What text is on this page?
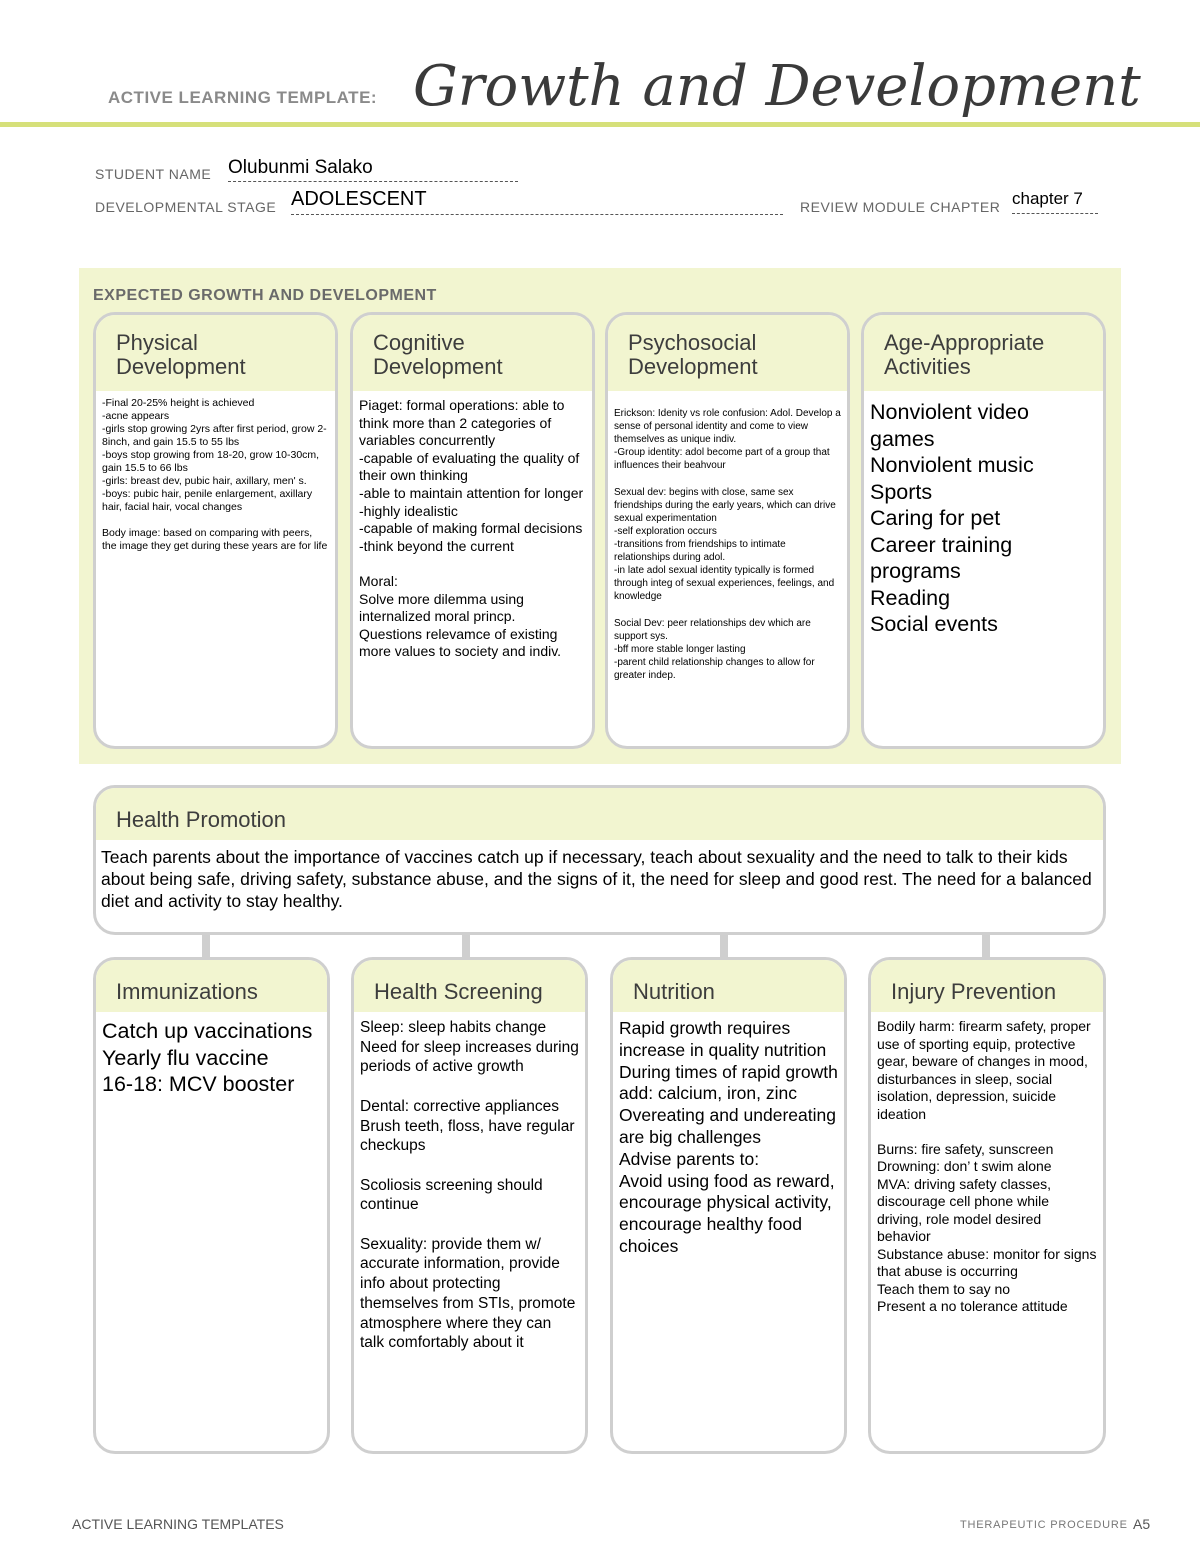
ACTIVE LEARNING TEMPLATE: Growth and Development
STUDENT NAME Olubunmi Salako
DEVELOPMENTAL STAGE ADOLESCENT	REVIEW MODULE CHAPTER chapter 7
EXPECTED GROWTH AND DEVELOPMENT
Physical
Development
-Final 20-25% height is achieved
-acne appears
-girls stop growing 2yrs after first period, grow 2-8inch, and gain 15.5 to 55 lbs
-boys stop growing from 18-20, grow 10-30cm, gain 15.5 to 66 lbs
-girls: breast dev, pubic hair, axillary, men' s.
-boys: pubic hair, penile enlargement, axillary hair, facial hair, vocal changes

Body image: based on comparing with peers, the image they get during these years are for life
Cognitive
Development
Piaget: formal operations: able to think more than 2 categories of variables concurrently
-capable of evaluating the quality of their own thinking
-able to maintain attention for longer
-highly idealistic
-capable of making formal decisions
-think beyond the current

Moral:
Solve more dilemma using internalized moral princp.
Questions relevamce of existing more values to society and indiv.
Psychosocial
Development
Erickson: Idenity vs role confusion: Adol. Develop a sense of personal identity and come to view themselves as unique indiv.
-Group identity: adol become part of a group that influences their beahvour

Sexual dev: begins with close, same sex friendships during the early years, which can drive sexual experimentation
-self exploration occurs
-transitions from friendships to intimate relationships during adol.
-in late adol sexual identity typically is formed through integ of sexual experiences, feelings, and knowledge

Social Dev: peer relationships dev which are support sys.
-bff more stable longer lasting
-parent child relationship changes to allow for greater indep.
Age-Appropriate
Activities
Nonviolent video games
Nonviolent music
Sports
Caring for pet
Career training programs
Reading
Social events
Health Promotion
Teach parents about the importance of vaccines catch up if necessary, teach about sexuality and the need to talk to their kids about being safe, driving safety, substance abuse, and the signs of it, the need for sleep and good rest. The need for a balanced diet and activity to stay healthy.
Immunizations
Catch up vaccinations
Yearly flu vaccine
16-18: MCV booster
Health Screening
Sleep: sleep habits change
Need for sleep increases during periods of active growth

Dental: corrective appliances
Brush teeth, floss, have regular checkups

Scoliosis screening should continue

Sexuality: provide them w/ accurate information, provide info about protecting themselves from STIs, promote atmosphere where they can talk comfortably about it
Nutrition
Rapid growth requires increase in quality nutrition
During times of rapid growth add: calcium, iron, zinc
Overeating and undereating are big challenges
Advise parents to:
Avoid using food as reward, encourage physical activity, encourage healthy food choices
Injury Prevention
Bodily harm: firearm safety, proper use of sporting equip, protective gear, beware of changes in mood, disturbances in sleep, social isolation, depression, suicide ideation

Burns: fire safety, sunscreen
Drowning: don’ t swim alone
MVA: driving safety classes, discourage cell phone while driving, role model desired behavior
Substance abuse: monitor for signs that abuse is occurring
Teach them to say no
Present a no tolerance attitude
ACTIVE LEARNING TEMPLATES	THERAPEUTIC PROCEDURE A5
